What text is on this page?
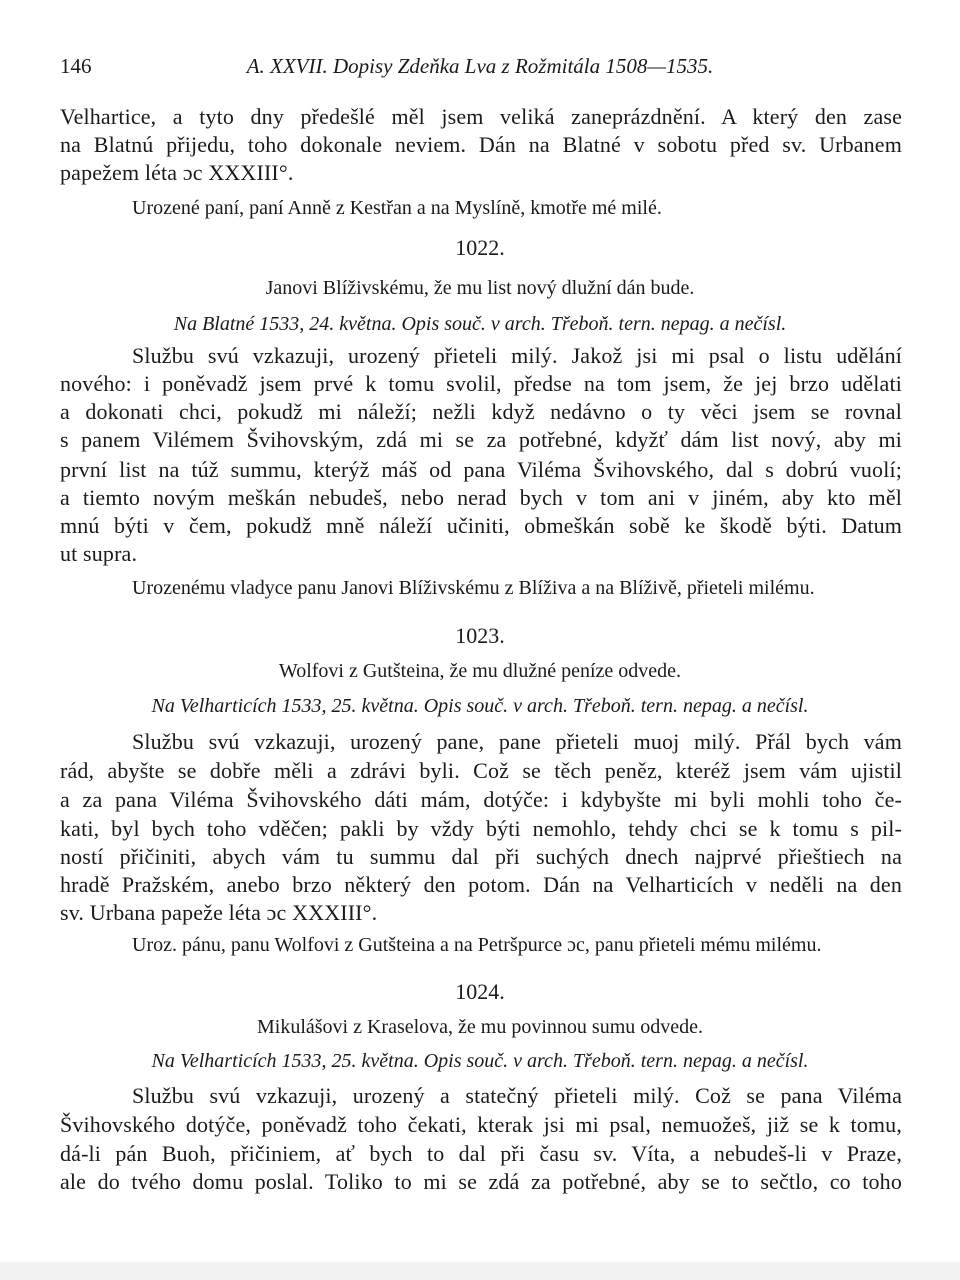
146	A. XXVII. Dopisy Zdeňka Lva z Rožmitála 1508—1535.
Velhartice, a tyto dny předešlé měl jsem veliká zaneprázdnění. A který den zase
na Blatnú přijedu, toho dokonale neviem. Dán na Blatné v sobotu před sv. Urbanem
papežem léta ɔc XXXIII°.
Urozené paní, paní Anně z Kestřan a na Myslíně, kmotře mé milé.
1022.
Janovi Blíživskému, že mu list nový dlužní dán bude.
Na Blatné 1533, 24. května. Opis souč. v arch. Třeboň. tern. nepag. a nečísl.
Službu svú vzkazuji, urozený přieteli milý. Jakož jsi mi psal o listu udělání
nového: i poněvadž jsem prvé k tomu svolil, předse na tom jsem, že jej brzo udělati
a dokonati chci, pokudž mi náleží; nežli když nedávno o ty věci jsem se rovnal
s panem Vilémem Švihovským, zdá mi se za potřebné, kdyžť dám list nový, aby mi
první list na túž summu, kterýž máš od pana Viléma Švihovského, dal s dobrú vuolí;
a tiemto novým meškán nebudeš, nebo nerad bych v tom ani v jiném, aby kto měl
mnú býti v čem, pokudž mně náleží učiniti, obmeškán sobě ke škodě býti. Datum
ut supra.
Urozenému vladyce panu Janovi Blíživskému z Blíživa a na Blíživě, přieteli milému.
1023.
Wolfovi z Gutšteina, že mu dlužné peníze odvede.
Na Velharticích 1533, 25. května. Opis souč. v arch. Třeboň. tern. nepag. a nečísl.
Službu svú vzkazuji, urozený pane, pane přieteli muoj milý. Přál bych vám
rád, abyšte se dobře měli a zdrávi byli. Což se těch peněz, kteréž jsem vám ujistil
a za pana Viléma Švihovského dáti mám, dotýče: i kdybyšte mi byli mohli toho če-
kati, byl bych toho vděčen; pakli by vždy býti nemohlo, tehdy chci se k tomu s pil-
ností přičiniti, abych vám tu summu dal při suchých dnech najprvé přieštiech na
hradě Pražském, anebo brzo některý den potom. Dán na Velharticích v neděli na den
sv. Urbana papeže léta ɔc XXXIII°.
Uroz. pánu, panu Wolfovi z Gutšteina a na Petršpurce ɔc, panu přieteli mému milému.
1024.
Mikulášovi z Kraselova, že mu povinnou sumu odvede.
Na Velharticích 1533, 25. května. Opis souč. v arch. Třeboň. tern. nepag. a nečísl.
Službu svú vzkazuji, urozený a statečný přieteli milý. Což se pana Viléma
Švihovského dotýče, poněvadž toho čekati, kterak jsi mi psal, nemuožeš, již se k tomu,
dá-li pán Buoh, přičiniem, ať bych to dal při času sv. Víta, a nebudeš-li v Praze,
ale do tvého domu poslal. Toliko to mi se zdá za potřebné, aby se to sečtlo, co toho
